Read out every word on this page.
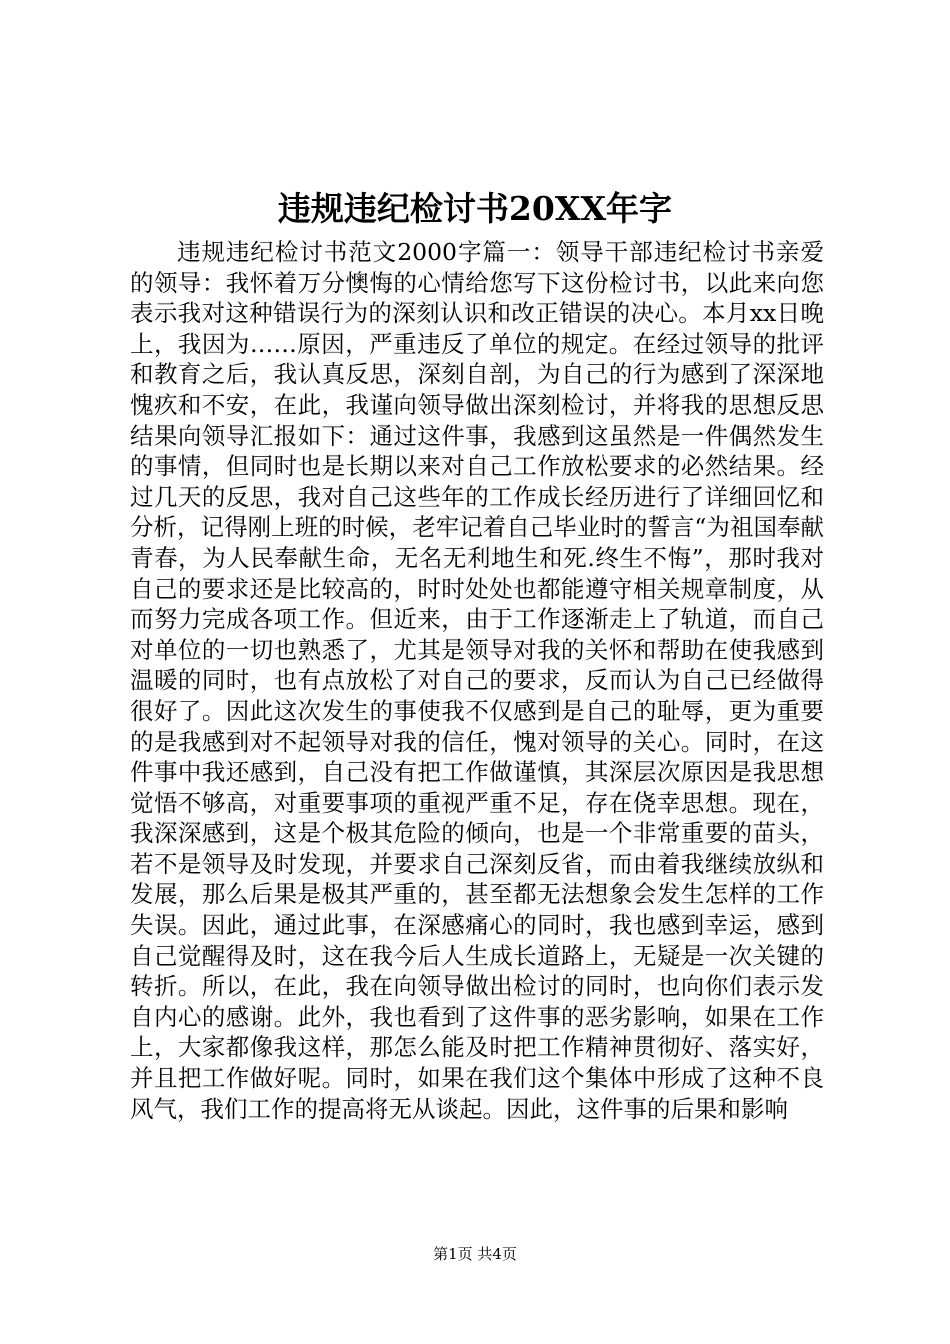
违规违纪检讨书20XX年字

违规违纪检讨书范文2000字篇一：领导干部违纪检讨书亲爱的领导：我怀着万分懊悔的心情给您写下这份检讨书，以此来向您表示我对这种错误行为的深刻认识和改正错误的决心。本月xx日晚上，我因为……原因，严重违反了单位的规定。在经过领导的批评和教育之后，我认真反思，深刻自剖，为自己的行为感到了深深地愧疚和不安，在此，我谨向领导做出深刻检讨，并将我的思想反思结果向领导汇报如下：通过这件事，我感到这虽然是一件偶然发生的事情，但同时也是长期以来对自己工作放松要求的必然结果。经过几天的反思，我对自己这些年的工作成长经历进行了详细回忆和分析，记得刚上班的时候，老牢记着自己毕业时的誓言“为祖国奉献青春，为人民奉献生命，无名无利地生和死.终生不悔”，那时我对自己的要求还是比较高的，时时处处也都能遵守相关规章制度，从而努力完成各项工作。但近来，由于工作逐渐走上了轨道，而自己对单位的一切也熟悉了，尤其是领导对我的关怀和帮助在使我感到温暖的同时，也有点放松了对自己的要求，反而认为自己已经做得很好了。因此这次发生的事使我不仅感到是自己的耻辱，更为重要的是我感到对不起领导对我的信任，愧对领导的关心。同时，在这件事中我还感到，自己没有把工作做谨慎，其深层次原因是我思想觉悟不够高，对重要事项的重视严重不足，存在侥幸思想。现在，我深深感到，这是个极其危险的倾向，也是一个非常重要的苗头，若不是领导及时发现，并要求自己深刻反省，而由着我继续放纵和发展，那么后果是极其严重的，甚至都无法想象会发生怎样的工作失误。因此，通过此事，在深感痛心的同时，我也感到幸运，感到自己觉醒得及时，这在我今后人生成长道路上，无疑是一次关键的转折。所以，在此，我在向领导做出检讨的同时，也向你们表示发自内心的感谢。此外，我也看到了这件事的恶劣影响，如果在工作上，大家都像我这样，那怎么能及时把工作精神贯彻好、落实好，并且把工作做好呢。同时，如果在我们这个集体中形成了这种不良风气，我们工作的提高将无从谈起。因此，这件事的后果和影响

第1页 共4页
